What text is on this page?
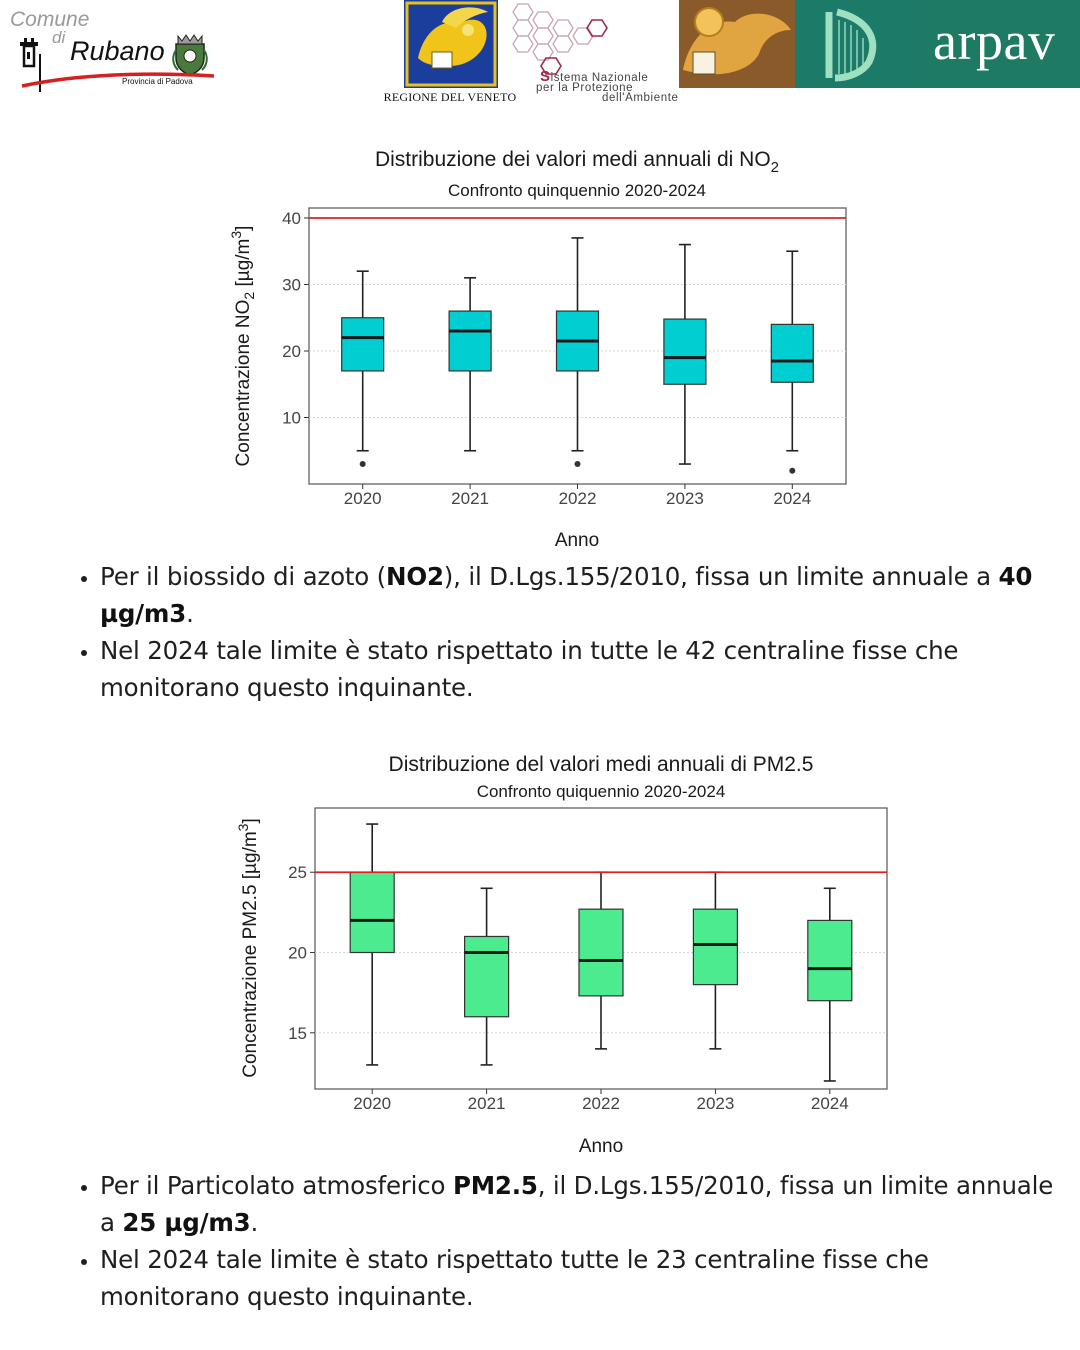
Comune
di Rubano
Provincia di Padova
REGIONE DEL VENETO
Sistema Nazionale
per la Protezione
dell'Ambiente
arpav
Distribuzione dei valori medi annuali di $NO_2$
Confronto quinquennio 2020-2024
10
20
30
40
2020	2021	2022	2023	2024
Anno
Concentrazione $NO_2$ $[\mu g/m^3]$
• Per il biossido di azoto (NO2), il D.Lgs.155/2010, fissa un limite annuale a 40 µg/m3.
• Nel 2024 tale limite è stato rispettato in tutte le 42 centraline fisse che monitorano questo inquinante.
Distribuzione del valori medi annuali di PM2.5
Confronto quiquennio 2020-2024
15
20
25
2020	2021	2022	2023	2024
Anno
Concentrazione PM2.5 $[\mu g/m^3]$
• Per il Particolato atmosferico PM2.5, il D.Lgs.155/2010, fissa un limite annuale a 25 µg/m3.
• Nel 2024 tale limite è stato rispettato tutte le 23 centraline fisse che monitorano questo inquinante.
